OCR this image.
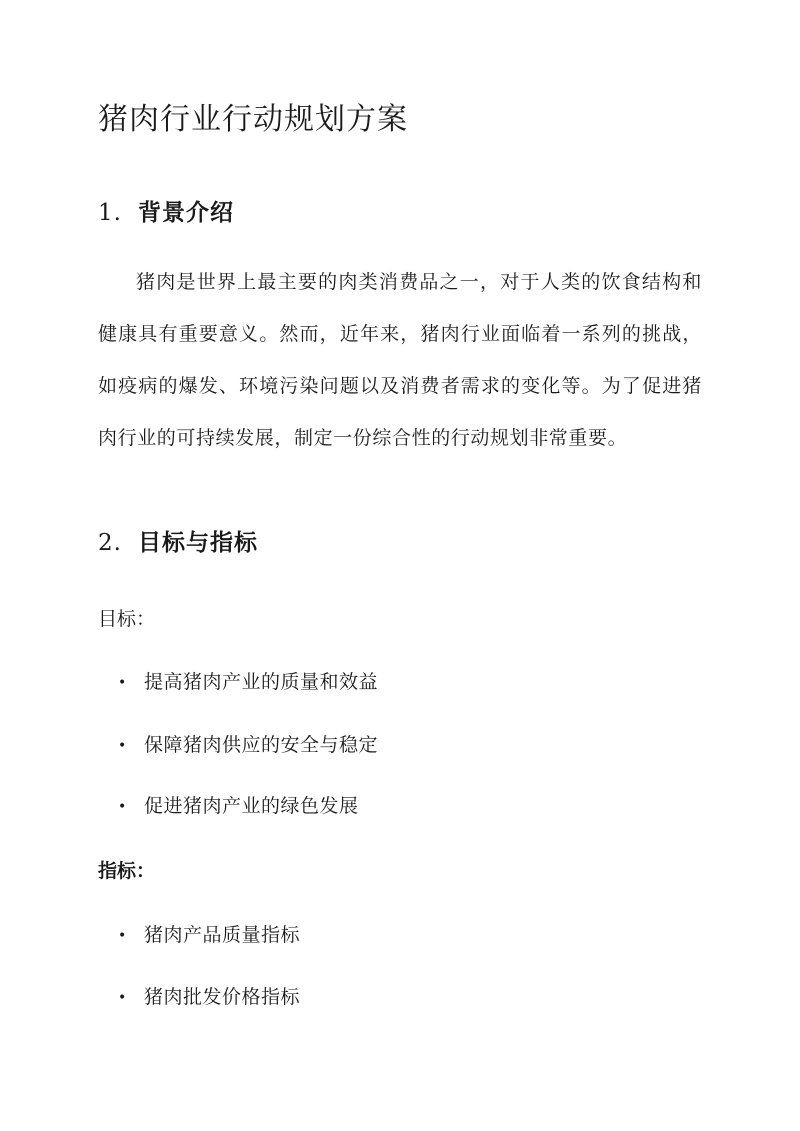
猪肉行业行动规划方案
1. 背景介绍

猪肉是世界上最主要的肉类消费品之一，对于人类的饮食结构和健康具有重要意义。然而，近年来，猪肉行业面临着一系列的挑战，如疫病的爆发、环境污染问题以及消费者需求的变化等。为了促进猪肉行业的可持续发展，制定一份综合性的行动规划非常重要。

2. 目标与指标

目标：

• 提高猪肉产业的质量和效益

• 保障猪肉供应的安全与稳定

• 促进猪肉产业的绿色发展

指标：

• 猪肉产品质量指标

• 猪肉批发价格指标
